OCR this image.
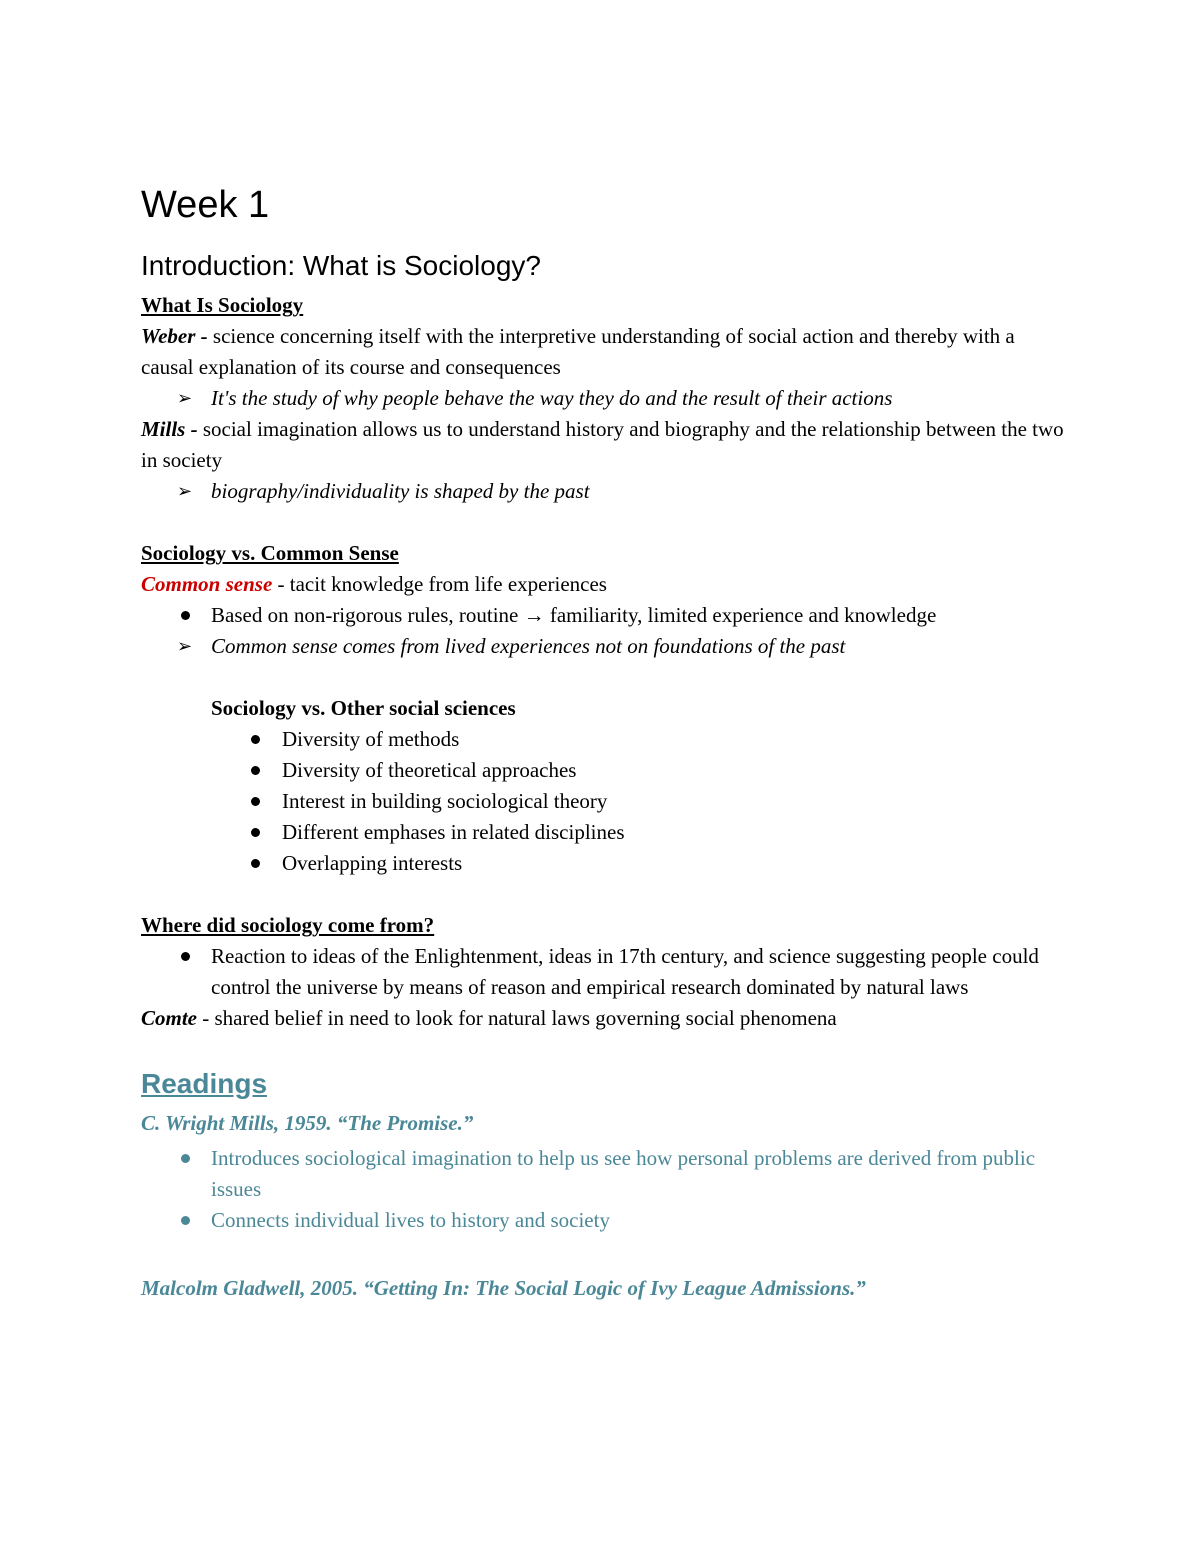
Week 1
Introduction: What is Sociology?

What Is Sociology

Weber - science concerning itself with the interpretive understanding of social action and thereby with a causal explanation of its course and consequences

➢ It's the study of why people behave the way they do and the result of their actions

Mills - social imagination allows us to understand history and biography and the relationship between the two in society

➢ biography/individuality is shaped by the past

Sociology vs. Common Sense

Common sense - tacit knowledge from life experiences

Based on non-rigorous rules, routine → familiarity, limited experience and knowledge
➢ Common sense comes from lived experiences not on foundations of the past

Sociology vs. Other social sciences

Diversity of methods
Diversity of theoretical approaches
Interest in building sociological theory
Different emphases in related disciplines
Overlapping interests

Where did sociology come from?

Reaction to ideas of the Enlightenment, ideas in 17th century, and science suggesting people could control the universe by means of reason and empirical research dominated by natural laws

Comte - shared belief in need to look for natural laws governing social phenomena

Readings

C. Wright Mills, 1959. “The Promise.”

Introduces sociological imagination to help us see how personal problems are derived from public issues
Connects individual lives to history and society

Malcolm Gladwell, 2005. “Getting In: The Social Logic of Ivy League Admissions.”
